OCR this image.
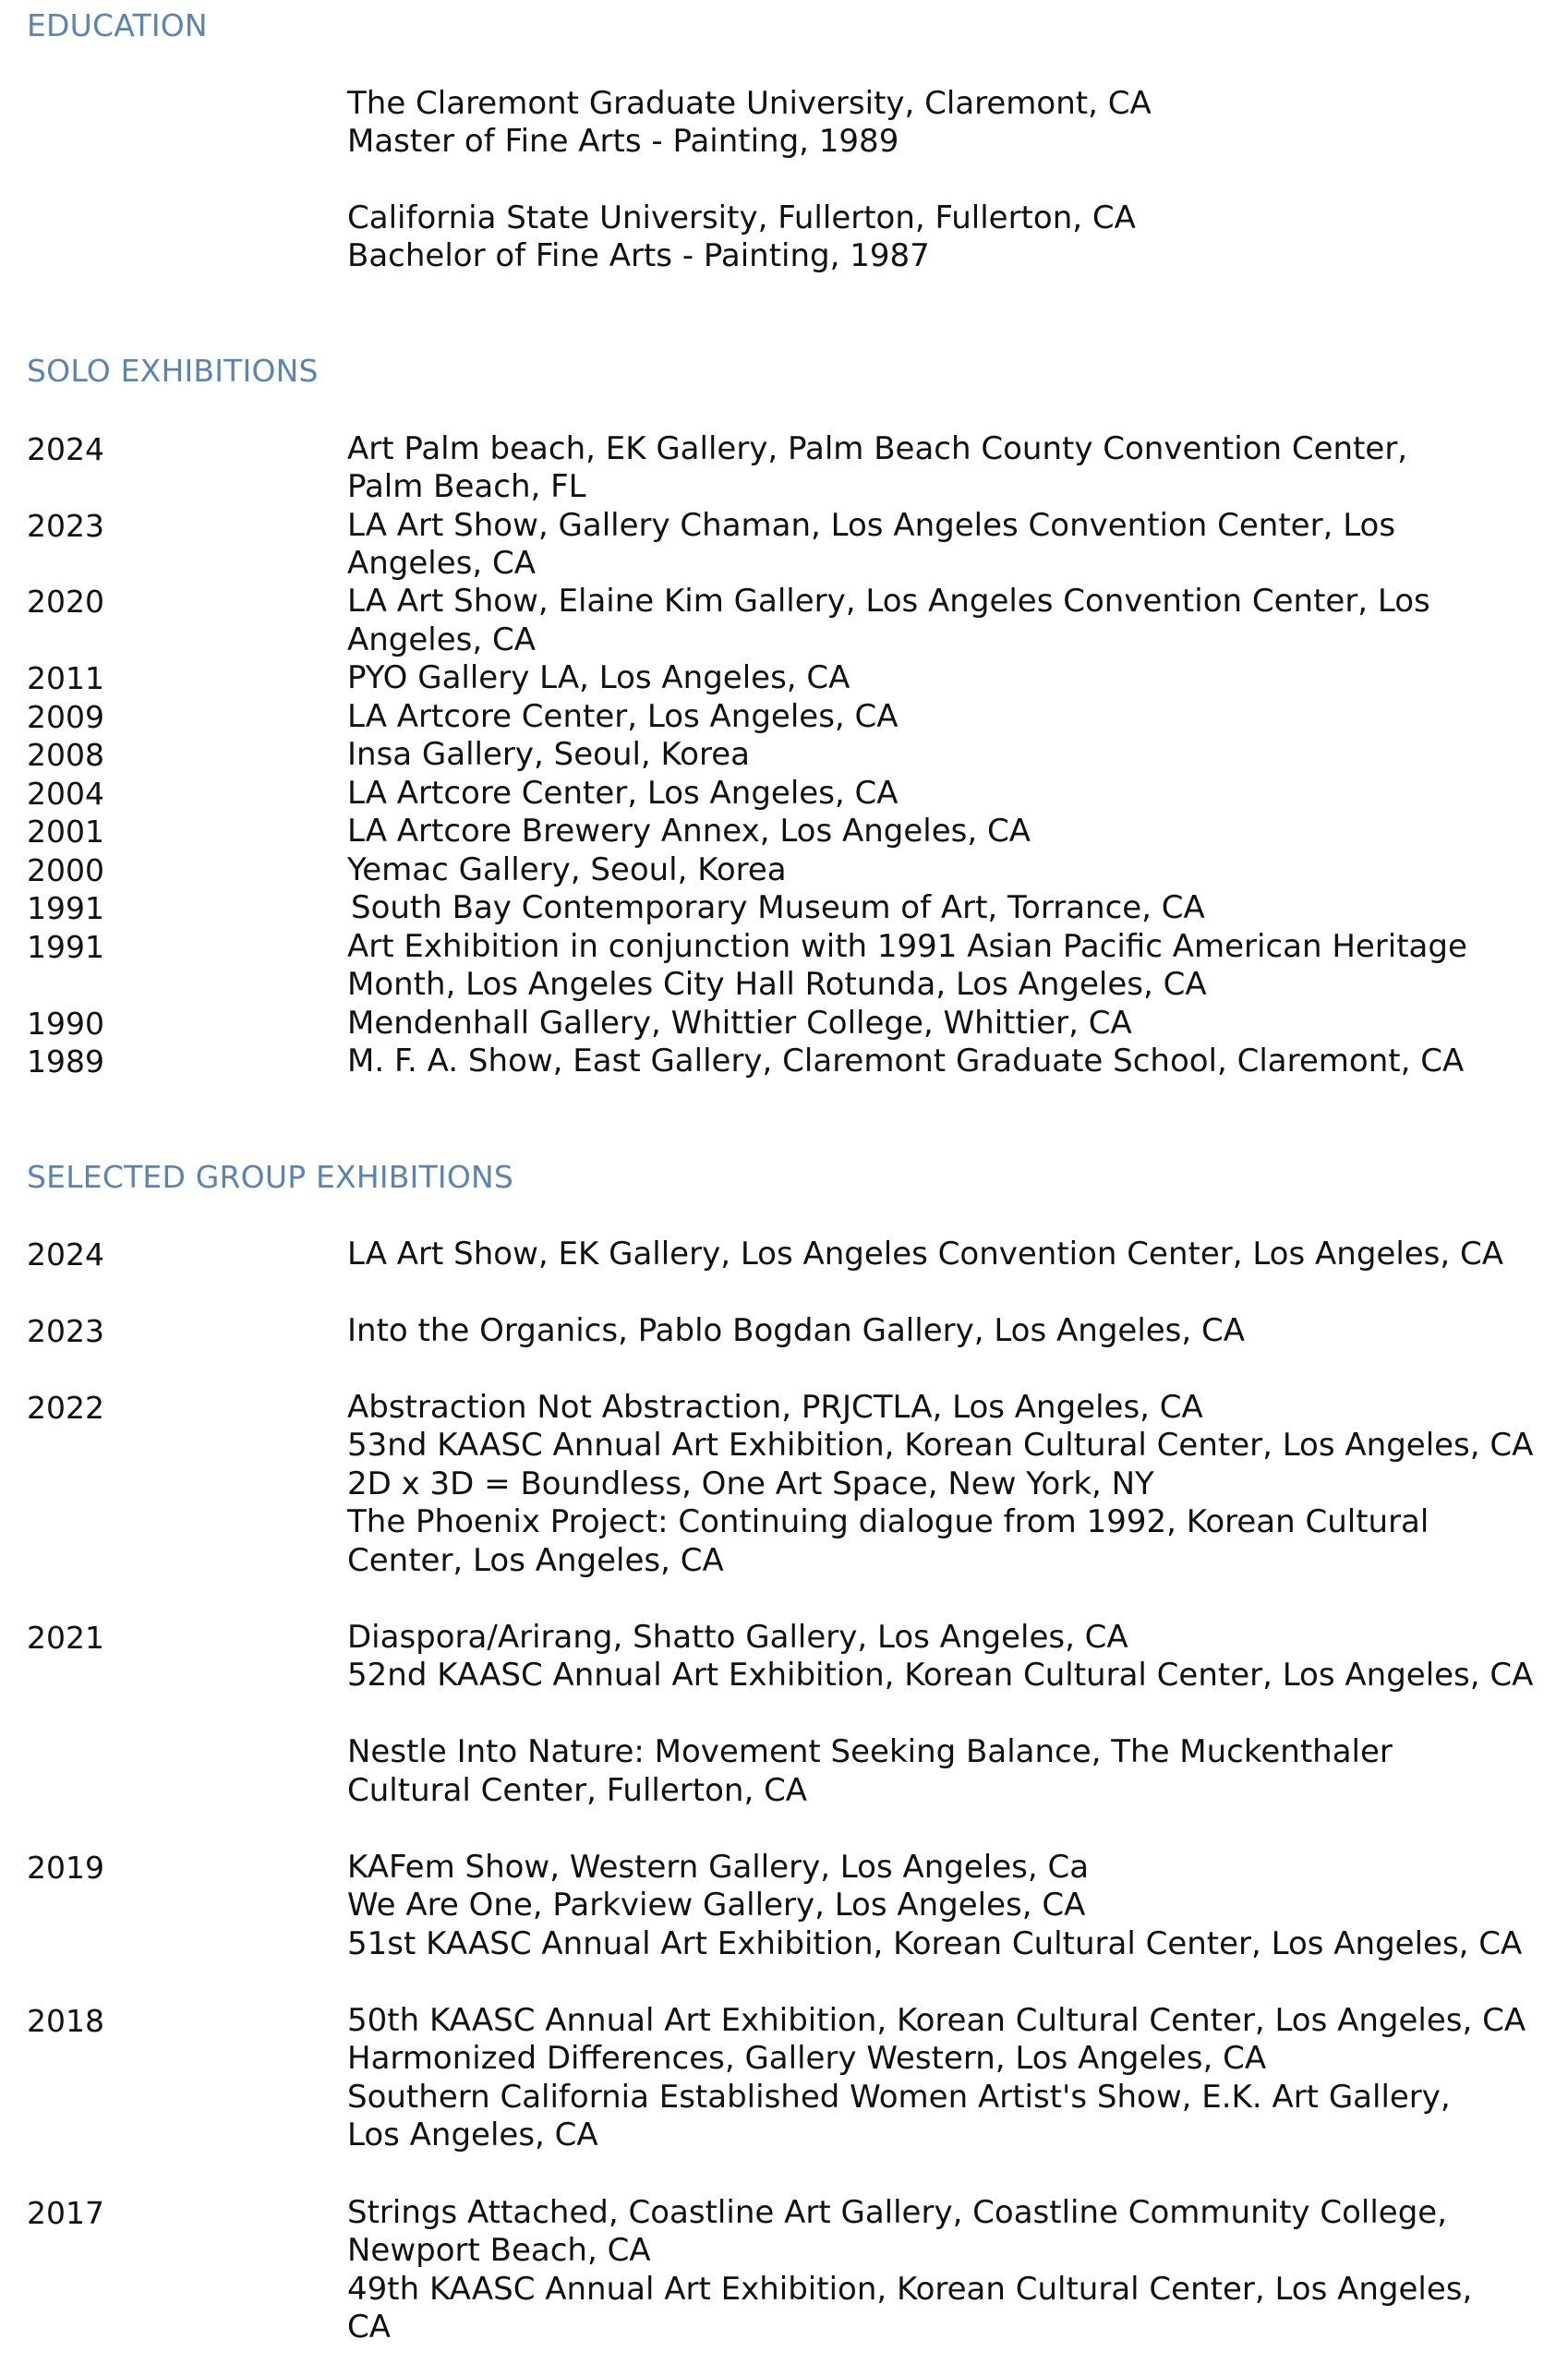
EDUCATION
The Claremont Graduate University, Claremont, CA
Master of Fine Arts - Painting, 1989
California State University, Fullerton, Fullerton, CA
Bachelor of Fine Arts - Painting, 1987
SOLO EXHIBITIONS
2024
2023
2020
2011
2009
2008
2004
2001
2000
1991
1991
1990
1989
Art Palm beach, EK Gallery, Palm Beach County Convention Center,
Palm Beach, FL
LA Art Show, Gallery Chaman, Los Angeles Convention Center, Los
Angeles, CA
LA Art Show, Elaine Kim Gallery, Los Angeles Convention Center, Los
Angeles, CA
PYO Gallery LA, Los Angeles, CA
LA Artcore Center, Los Angeles, CA
Insa Gallery, Seoul, Korea
LA Artcore Center, Los Angeles, CA
LA Artcore Brewery Annex, Los Angeles, CA
Yemac Gallery, Seoul, Korea
South Bay Contemporary Museum of Art, Torrance, CA
Art Exhibition in conjunction with 1991 Asian Pacific American Heritage
Month, Los Angeles City Hall Rotunda, Los Angeles, CA
Mendenhall Gallery, Whittier College, Whittier, CA
M. F. A. Show, East Gallery, Claremont Graduate School, Claremont, CA
SELECTED GROUP EXHIBITIONS
2024
2023
2022
2021
2019
2018
2017
LA Art Show, EK Gallery, Los Angeles Convention Center, Los Angeles, CA
Into the Organics, Pablo Bogdan Gallery, Los Angeles, CA
Abstraction Not Abstraction, PRJCTLA, Los Angeles, CA
53nd KAASC Annual Art Exhibition, Korean Cultural Center, Los Angeles, CA
2D x 3D = Boundless, One Art Space, New York, NY
The Phoenix Project: Continuing dialogue from 1992, Korean Cultural
Center, Los Angeles, CA
Diaspora/Arirang, Shatto Gallery, Los Angeles, CA
52nd KAASC Annual Art Exhibition, Korean Cultural Center, Los Angeles, CA
Nestle Into Nature: Movement Seeking Balance, The Muckenthaler
Cultural Center, Fullerton, CA
KAFem Show, Western Gallery, Los Angeles, Ca
We Are One, Parkview Gallery, Los Angeles, CA
51st KAASC Annual Art Exhibition, Korean Cultural Center, Los Angeles, CA
50th KAASC Annual Art Exhibition, Korean Cultural Center, Los Angeles, CA
Harmonized Differences, Gallery Western, Los Angeles, CA
Southern California Established Women Artist's Show, E.K. Art Gallery,
Los Angeles, CA
Strings Attached, Coastline Art Gallery, Coastline Community College,
Newport Beach, CA
49th KAASC Annual Art Exhibition, Korean Cultural Center, Los Angeles,
CA
